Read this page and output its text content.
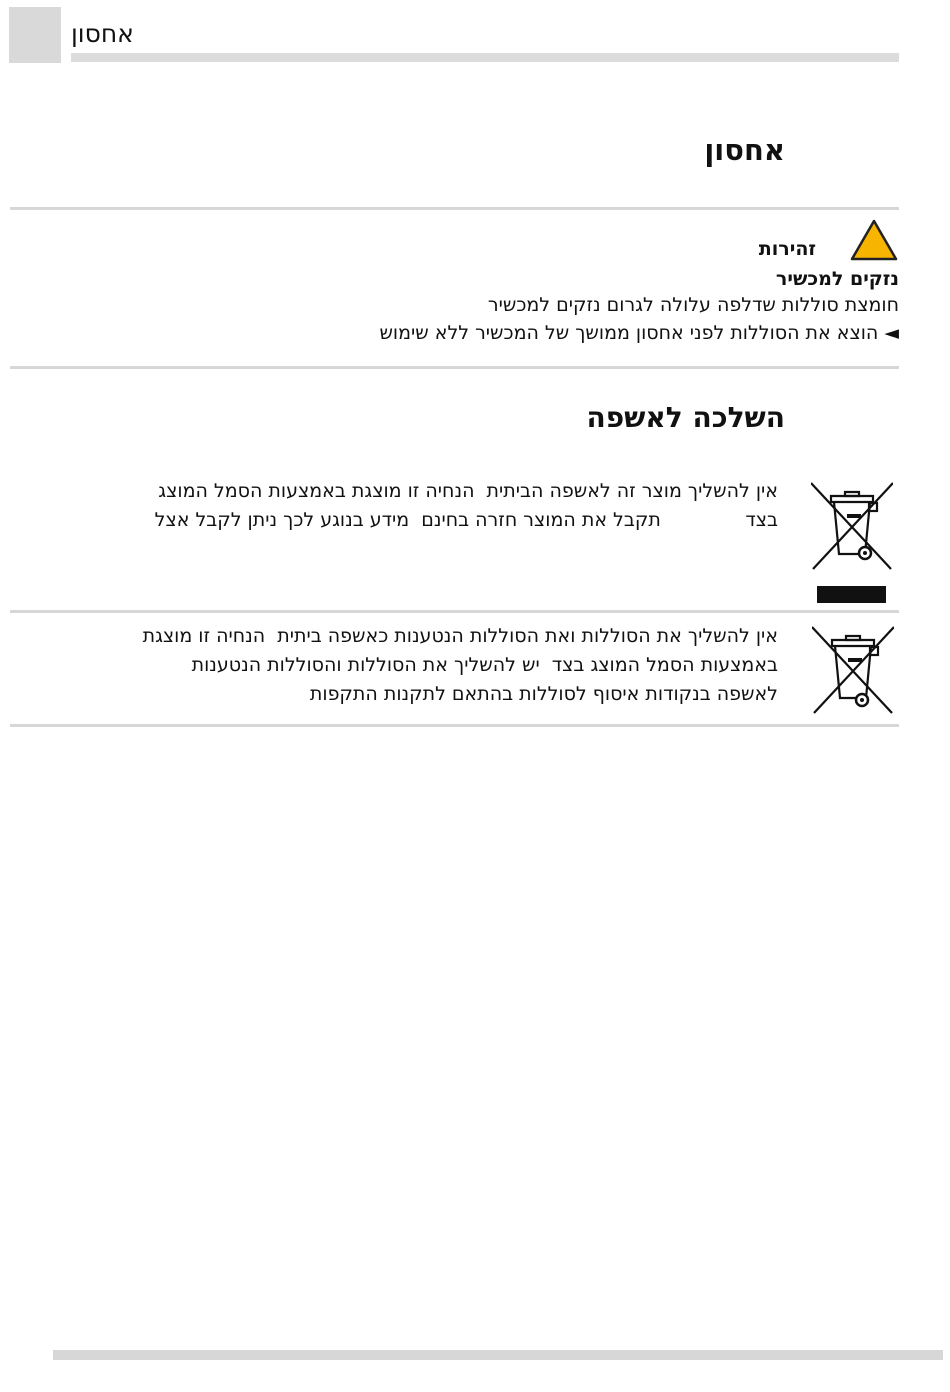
אחסון
אחסון
זהירות
נזקים למכשיר
חומצת סוללות שדלפה עלולה לגרום נזקים למכשיר
◄ הוצא את הסוללות לפני אחסון ממושך של המכשיר ללא שימוש
השלכה לאשפה
אין להשליך מוצר זה לאשפה הביתית  הנחיה זו מוצגת באמצעות הסמל המוצג
בצד              תקבל את המוצר חזרה בחינם  מידע בנוגע לכך ניתן לקבל אצל
אין להשליך את הסוללות ואת הסוללות הנטענות כאשפה ביתית  הנחיה זו מוצגת
באמצעות הסמל המוצג בצד  יש להשליך את הסוללות והסוללות הנטענות
לאשפה בנקודות איסוף לסוללות בהתאם לתקנות התקפות
